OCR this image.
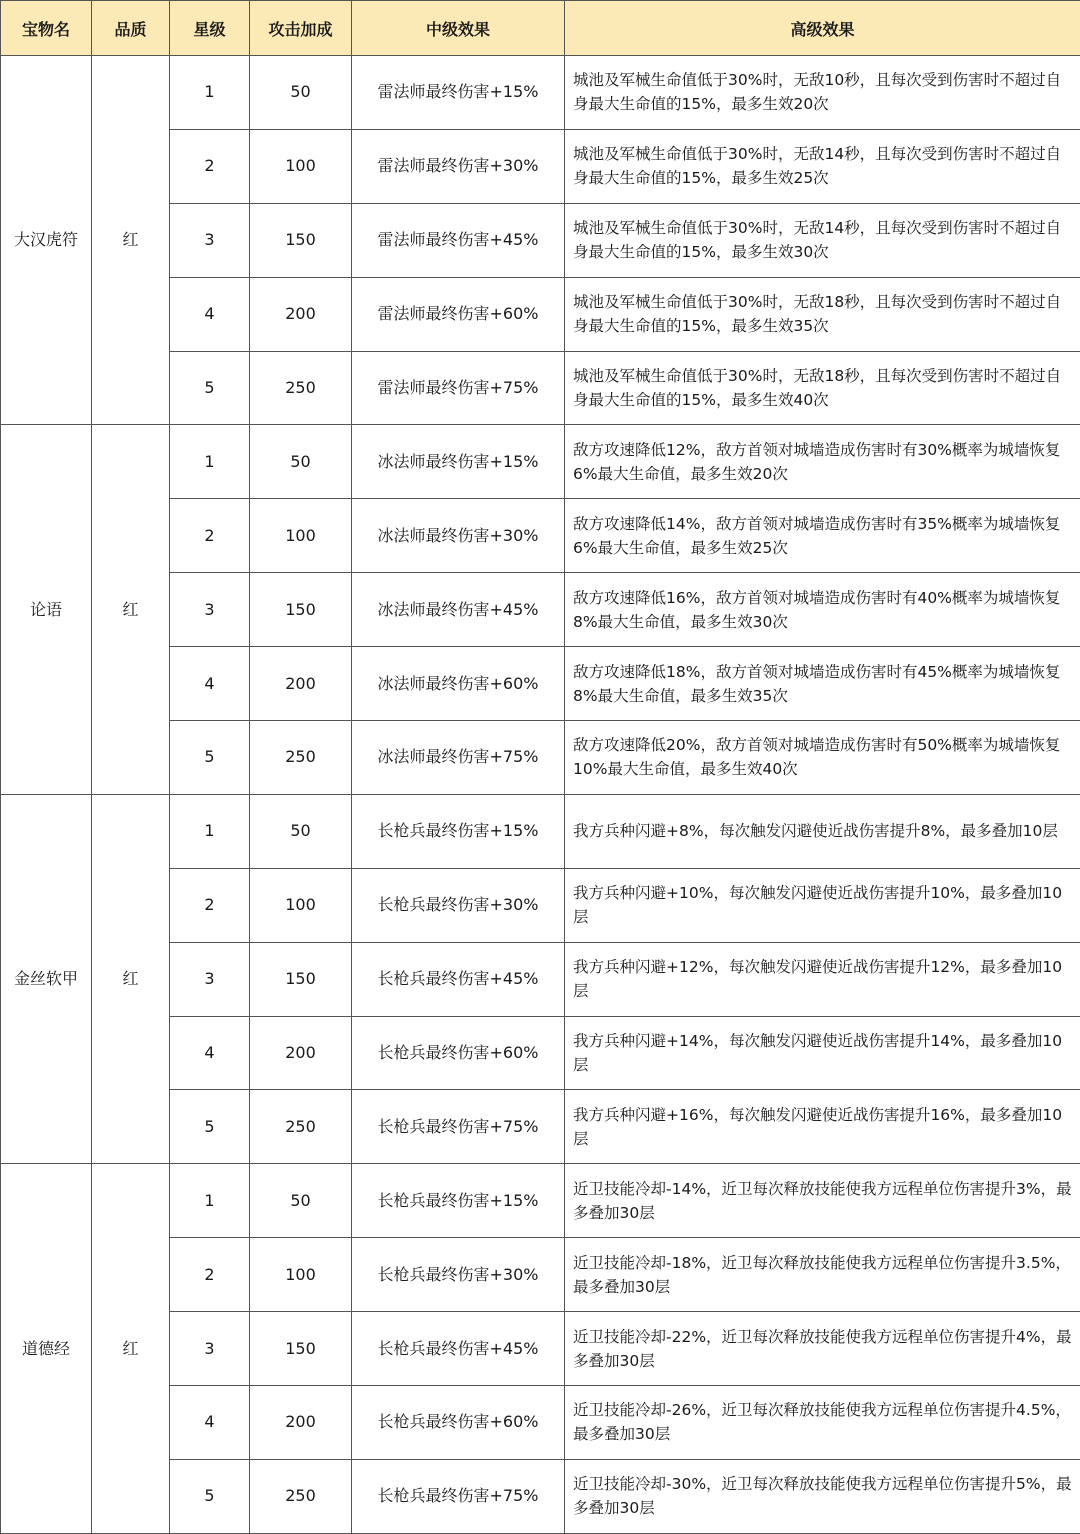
宝物名	品质	星级	攻击加成	中级效果	高级效果
大汉虎符	红	1	50	雷法师最终伤害+15%	城池及军械生命值低于30%时，无敌10秒，且每次受到伤害时不超过自身最大生命值的15%，最多生效20次
		2	100	雷法师最终伤害+30%	城池及军械生命值低于30%时，无敌14秒，且每次受到伤害时不超过自身最大生命值的15%，最多生效25次
		3	150	雷法师最终伤害+45%	城池及军械生命值低于30%时，无敌14秒，且每次受到伤害时不超过自身最大生命值的15%，最多生效30次
		4	200	雷法师最终伤害+60%	城池及军械生命值低于30%时，无敌18秒，且每次受到伤害时不超过自身最大生命值的15%，最多生效35次
		5	250	雷法师最终伤害+75%	城池及军械生命值低于30%时，无敌18秒，且每次受到伤害时不超过自身最大生命值的15%，最多生效40次
论语	红	1	50	冰法师最终伤害+15%	敌方攻速降低12%，敌方首领对城墙造成伤害时有30%概率为城墙恢复6%最大生命值，最多生效20次
		2	100	冰法师最终伤害+30%	敌方攻速降低14%，敌方首领对城墙造成伤害时有35%概率为城墙恢复6%最大生命值，最多生效25次
		3	150	冰法师最终伤害+45%	敌方攻速降低16%，敌方首领对城墙造成伤害时有40%概率为城墙恢复8%最大生命值，最多生效30次
		4	200	冰法师最终伤害+60%	敌方攻速降低18%，敌方首领对城墙造成伤害时有45%概率为城墙恢复8%最大生命值，最多生效35次
		5	250	冰法师最终伤害+75%	敌方攻速降低20%，敌方首领对城墙造成伤害时有50%概率为城墙恢复10%最大生命值，最多生效40次
金丝软甲	红	1	50	长枪兵最终伤害+15%	我方兵种闪避+8%，每次触发闪避使近战伤害提升8%，最多叠加10层
		2	100	长枪兵最终伤害+30%	我方兵种闪避+10%，每次触发闪避使近战伤害提升10%，最多叠加10层
		3	150	长枪兵最终伤害+45%	我方兵种闪避+12%，每次触发闪避使近战伤害提升12%，最多叠加10层
		4	200	长枪兵最终伤害+60%	我方兵种闪避+14%，每次触发闪避使近战伤害提升14%，最多叠加10层
		5	250	长枪兵最终伤害+75%	我方兵种闪避+16%，每次触发闪避使近战伤害提升16%，最多叠加10层
道德经	红	1	50	长枪兵最终伤害+15%	近卫技能冷却-14%，近卫每次释放技能使我方远程单位伤害提升3%，最多叠加30层
		2	100	长枪兵最终伤害+30%	近卫技能冷却-18%，近卫每次释放技能使我方远程单位伤害提升3.5%，最多叠加30层
		3	150	长枪兵最终伤害+45%	近卫技能冷却-22%，近卫每次释放技能使我方远程单位伤害提升4%，最多叠加30层
		4	200	长枪兵最终伤害+60%	近卫技能冷却-26%，近卫每次释放技能使我方远程单位伤害提升4.5%，最多叠加30层
		5	250	长枪兵最终伤害+75%	近卫技能冷却-30%，近卫每次释放技能使我方远程单位伤害提升5%，最多叠加30层
